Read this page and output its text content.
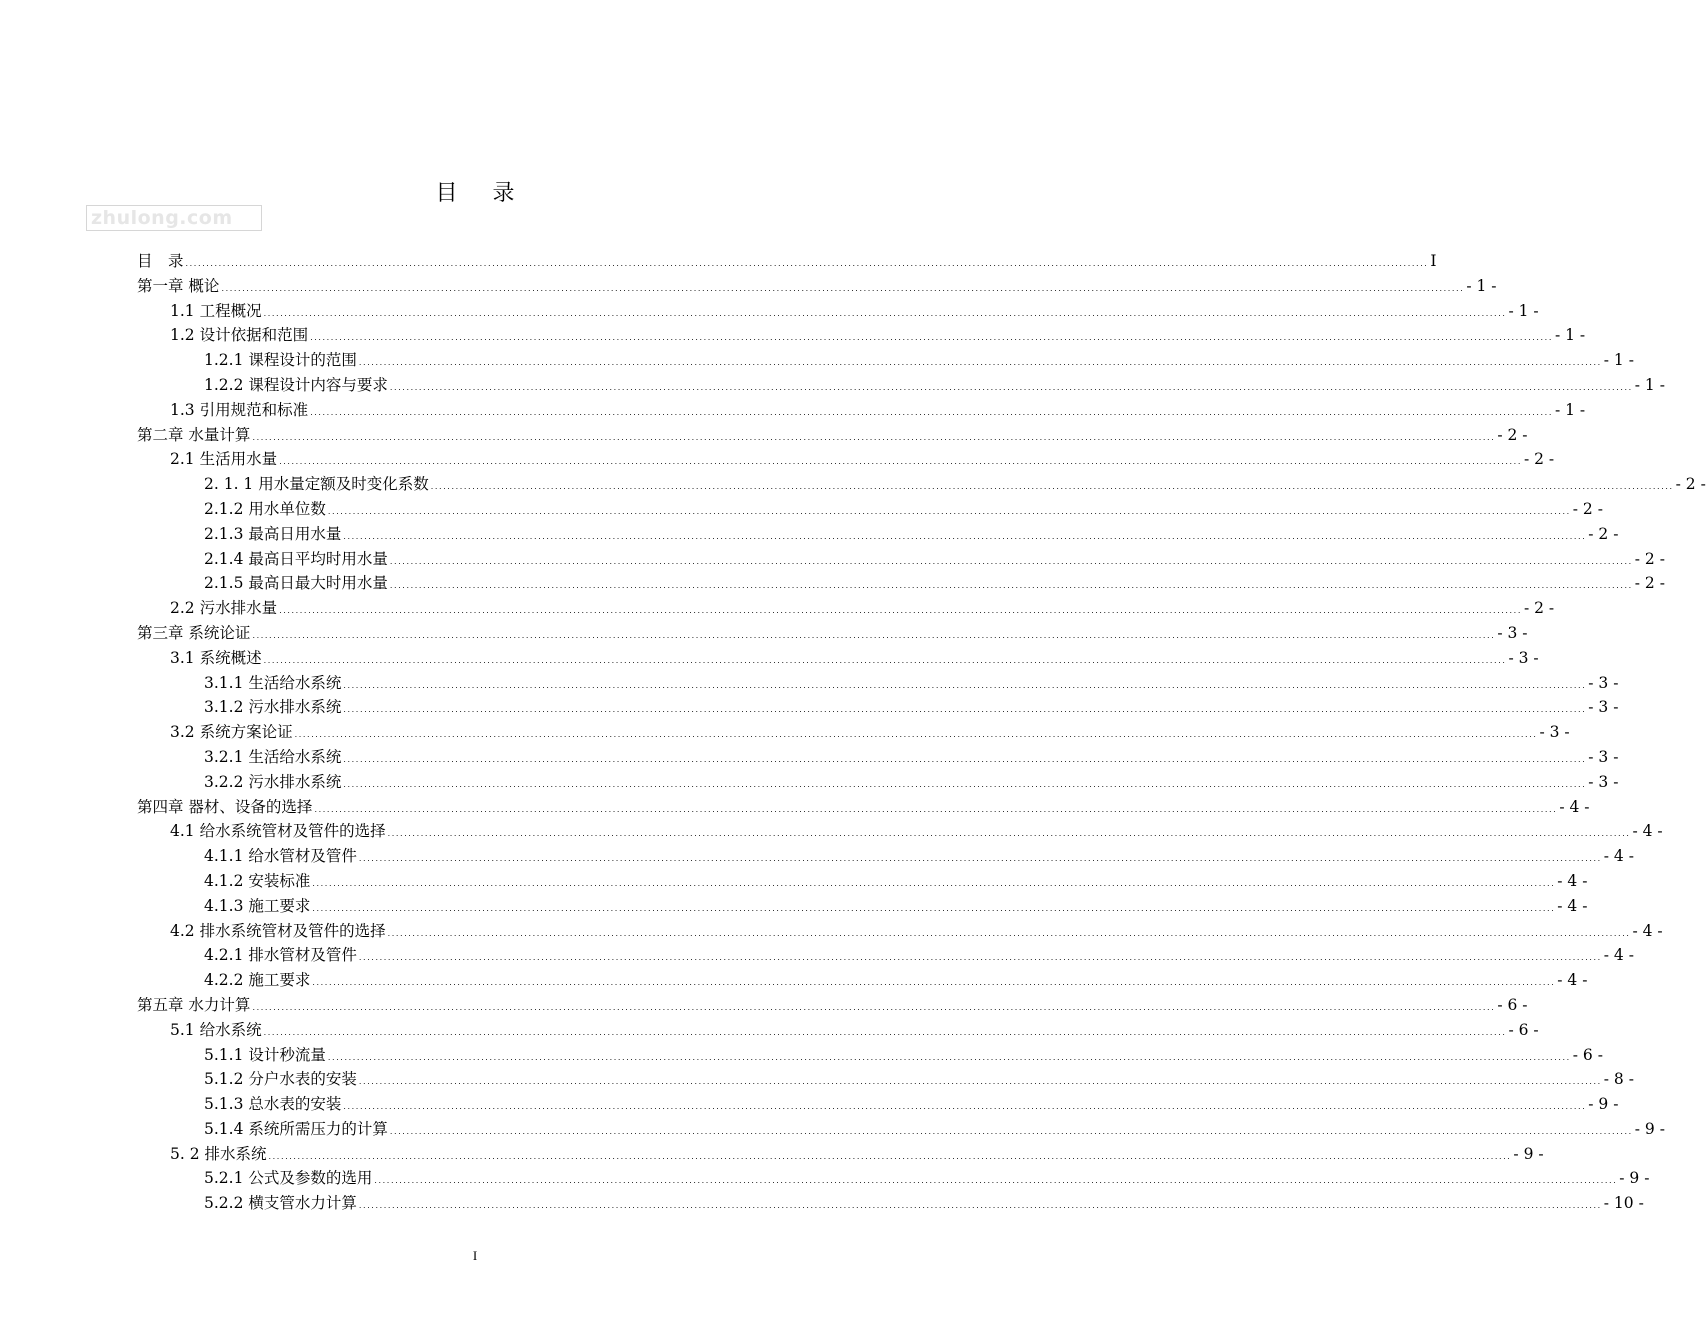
目 录
zhulong.com
目　录 ............................................................................................................................................................................................................................................................................................................ I
第一章 概论 ............................................................................................................................................................................................................................................................................................................ - 1 -
1.1 工程概况 ............................................................................................................................................................................................................................................................................................................ - 1 -
1.2 设计依据和范围 ............................................................................................................................................................................................................................................................................................................ - 1 -
1.2.1 课程设计的范围 ............................................................................................................................................................................................................................................................................................................ - 1 -
1.2.2 课程设计内容与要求 ............................................................................................................................................................................................................................................................................................................ - 1 -
1.3 引用规范和标准 ............................................................................................................................................................................................................................................................................................................ - 1 -
第二章 水量计算 ............................................................................................................................................................................................................................................................................................................ - 2 -
2.1 生活用水量 ............................................................................................................................................................................................................................................................................................................ - 2 -
2. 1. 1 用水量定额及时变化系数 ............................................................................................................................................................................................................................................................................................................ - 2 -
2.1.2 用水单位数 ............................................................................................................................................................................................................................................................................................................ - 2 -
2.1.3 最高日用水量 ............................................................................................................................................................................................................................................................................................................ - 2 -
2.1.4 最高日平均时用水量 ............................................................................................................................................................................................................................................................................................................ - 2 -
2.1.5 最高日最大时用水量 ............................................................................................................................................................................................................................................................................................................ - 2 -
2.2 污水排水量 ............................................................................................................................................................................................................................................................................................................ - 2 -
第三章 系统论证 ............................................................................................................................................................................................................................................................................................................ - 3 -
3.1 系统概述 ............................................................................................................................................................................................................................................................................................................ - 3 -
3.1.1 生活给水系统 ............................................................................................................................................................................................................................................................................................................ - 3 -
3.1.2 污水排水系统 ............................................................................................................................................................................................................................................................................................................ - 3 -
3.2 系统方案论证 ............................................................................................................................................................................................................................................................................................................ - 3 -
3.2.1 生活给水系统 ............................................................................................................................................................................................................................................................................................................ - 3 -
3.2.2 污水排水系统 ............................................................................................................................................................................................................................................................................................................ - 3 -
第四章 器材、设备的选择 ............................................................................................................................................................................................................................................................................................................ - 4 -
4.1 给水系统管材及管件的选择 ............................................................................................................................................................................................................................................................................................................ - 4 -
4.1.1 给水管材及管件 ............................................................................................................................................................................................................................................................................................................ - 4 -
4.1.2 安装标准 ............................................................................................................................................................................................................................................................................................................ - 4 -
4.1.3 施工要求 ............................................................................................................................................................................................................................................................................................................ - 4 -
4.2 排水系统管材及管件的选择 ............................................................................................................................................................................................................................................................................................................ - 4 -
4.2.1 排水管材及管件 ............................................................................................................................................................................................................................................................................................................ - 4 -
4.2.2 施工要求 ............................................................................................................................................................................................................................................................................................................ - 4 -
第五章 水力计算 ............................................................................................................................................................................................................................................................................................................ - 6 -
5.1 给水系统 ............................................................................................................................................................................................................................................................................................................ - 6 -
5.1.1 设计秒流量 ............................................................................................................................................................................................................................................................................................................ - 6 -
5.1.2 分户水表的安装 ............................................................................................................................................................................................................................................................................................................ - 8 -
5.1.3 总水表的安装 ............................................................................................................................................................................................................................................................................................................ - 9 -
5.1.4 系统所需压力的计算 ............................................................................................................................................................................................................................................................................................................ - 9 -
5. 2 排水系统 ............................................................................................................................................................................................................................................................................................................ - 9 -
5.2.1 公式及参数的选用 ............................................................................................................................................................................................................................................................................................................ - 9 -
5.2.2 横支管水力计算 ............................................................................................................................................................................................................................................................................................................ - 10 -
I
